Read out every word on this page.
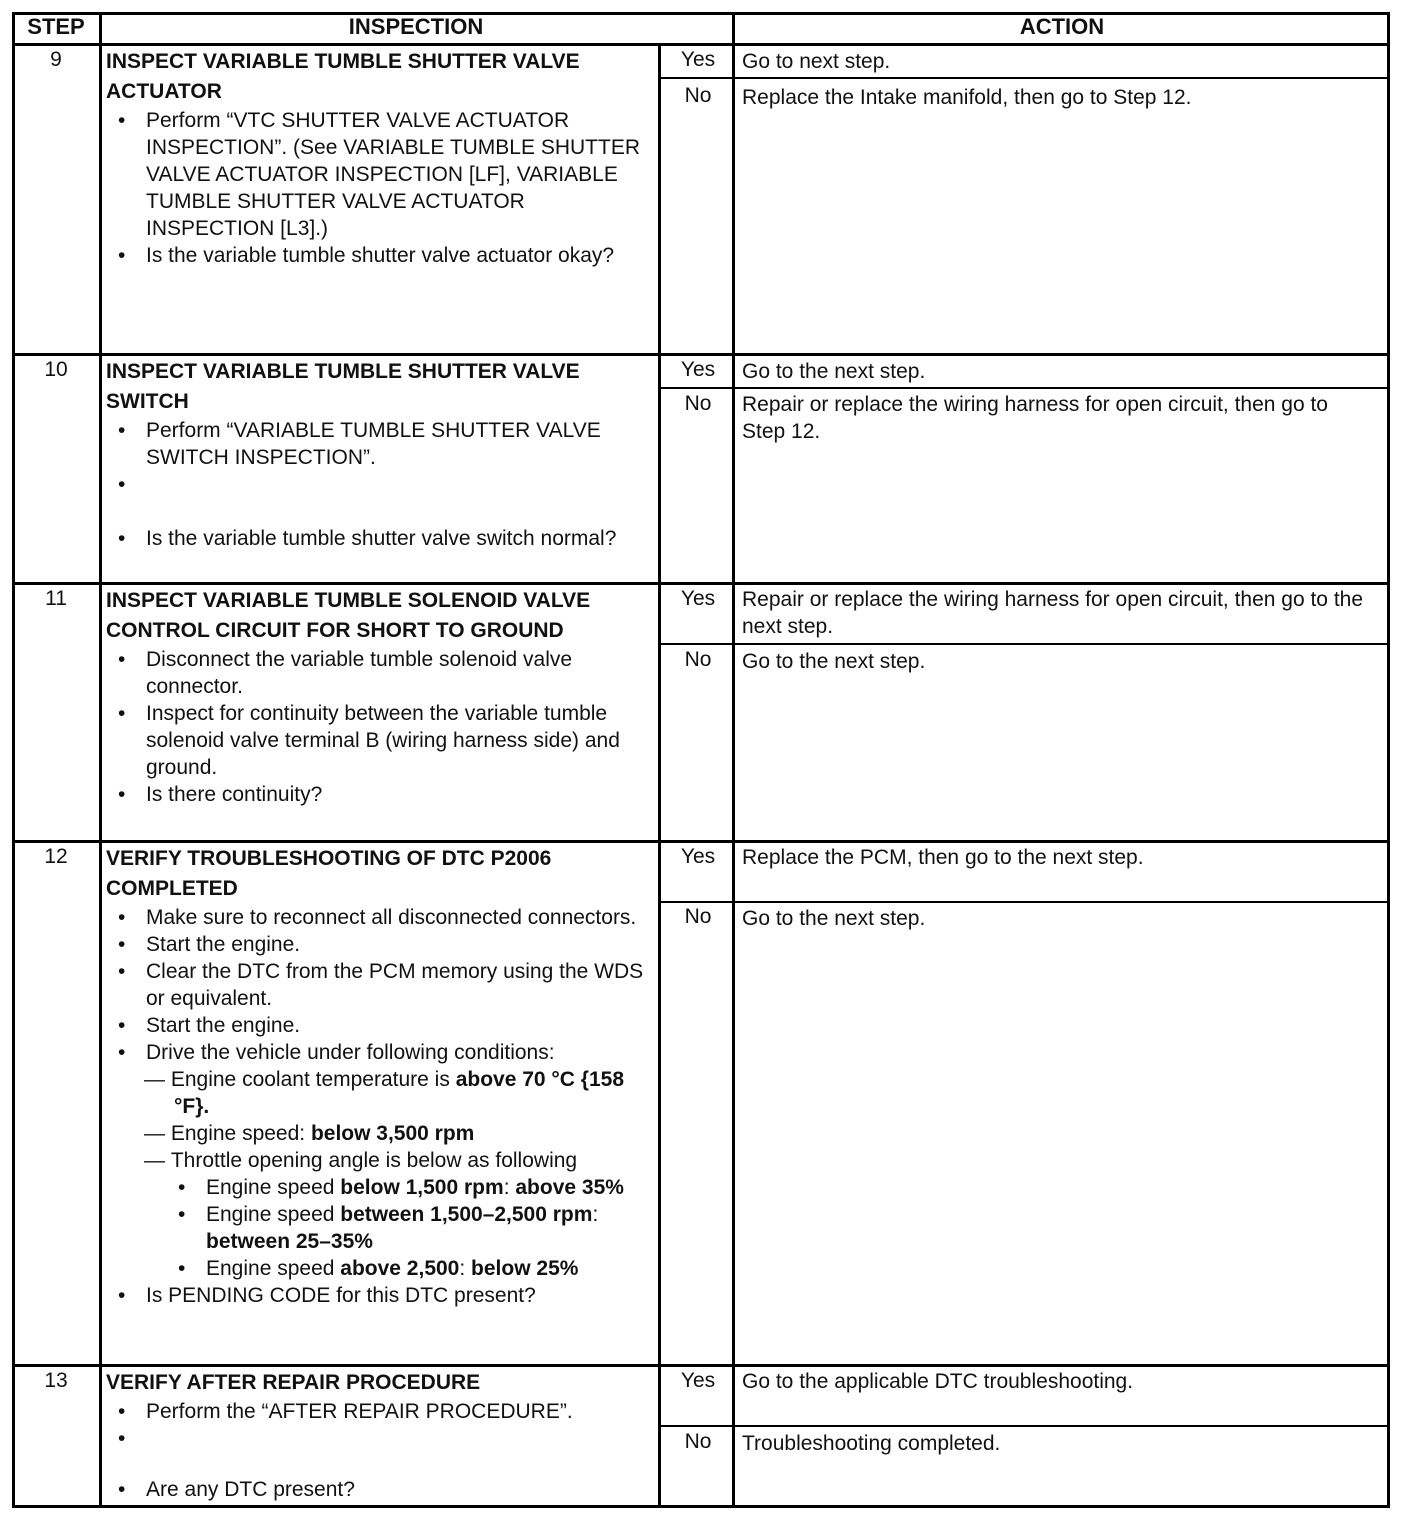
STEP	INSPECTION	ACTION
9	INSPECT VARIABLE TUMBLE SHUTTER VALVE ACTUATOR
• Perform “VTC SHUTTER VALVE ACTUATOR INSPECTION”. (See VARIABLE TUMBLE SHUTTER VALVE ACTUATOR INSPECTION [LF], VARIABLE TUMBLE SHUTTER VALVE ACTUATOR INSPECTION [L3].)
• Is the variable tumble shutter valve actuator okay?
Yes	Go to next step.
No	Replace the Intake manifold, then go to Step 12.
10	INSPECT VARIABLE TUMBLE SHUTTER VALVE SWITCH
• Perform “VARIABLE TUMBLE SHUTTER VALVE SWITCH INSPECTION”.
•
• Is the variable tumble shutter valve switch normal?
Yes	Go to the next step.
No	Repair or replace the wiring harness for open circuit, then go to Step 12.
11	INSPECT VARIABLE TUMBLE SOLENOID VALVE CONTROL CIRCUIT FOR SHORT TO GROUND
• Disconnect the variable tumble solenoid valve connector.
• Inspect for continuity between the variable tumble solenoid valve terminal B (wiring harness side) and ground.
• Is there continuity?
Yes	Repair or replace the wiring harness for open circuit, then go to the next step.
No	Go to the next step.
12	VERIFY TROUBLESHOOTING OF DTC P2006 COMPLETED
• Make sure to reconnect all disconnected connectors.
• Start the engine.
• Clear the DTC from the PCM memory using the WDS or equivalent.
• Start the engine.
• Drive the vehicle under following conditions:
— Engine coolant temperature is above 70 °C {158 °F}.
— Engine speed: below 3,500 rpm
— Throttle opening angle is below as following
• Engine speed below 1,500 rpm: above 35%
• Engine speed between 1,500–2,500 rpm: between 25–35%
• Engine speed above 2,500: below 25%
• Is PENDING CODE for this DTC present?
Yes	Replace the PCM, then go to the next step.
No	Go to the next step.
13	VERIFY AFTER REPAIR PROCEDURE
• Perform the “AFTER REPAIR PROCEDURE”.
•
• Are any DTC present?
Yes	Go to the applicable DTC troubleshooting.
No	Troubleshooting completed.
